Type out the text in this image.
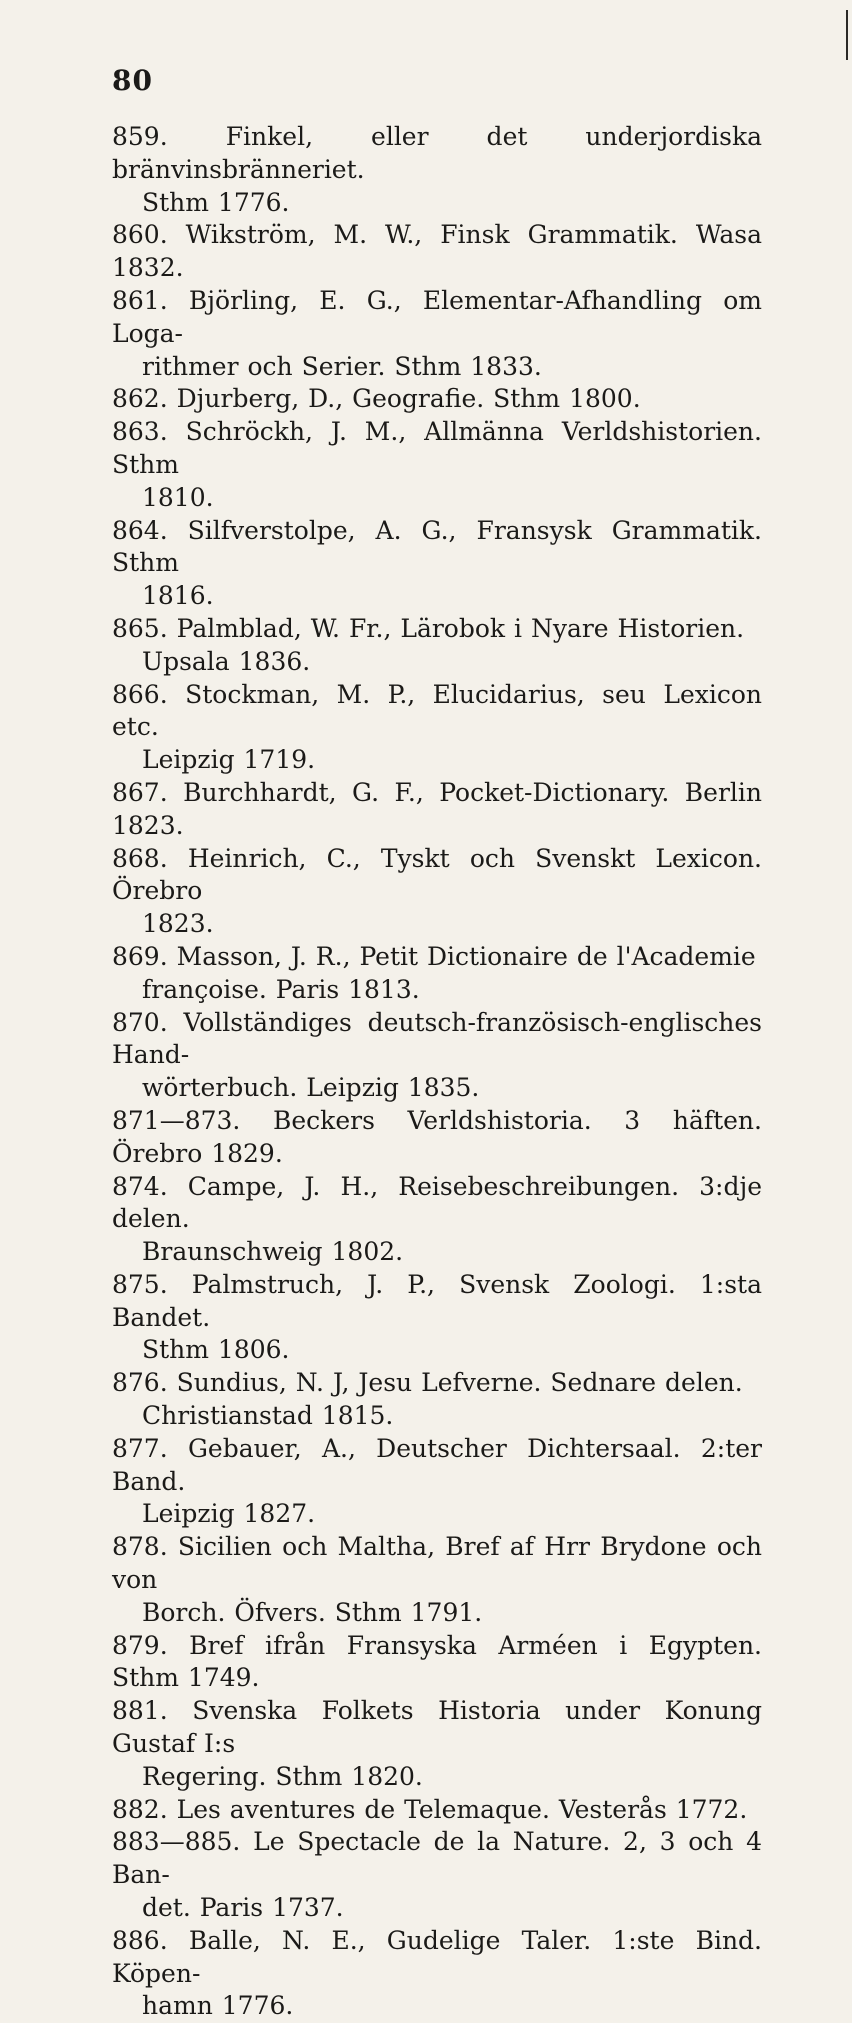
80
859. Finkel, eller det underjordiska bränvinsbränneriet.
Sthm 1776.
860. Wikström, M. W., Finsk Grammatik. Wasa 1832.
861. Björling, E. G., Elementar-Afhandling om Loga-
rithmer och Serier. Sthm 1833.
862. Djurberg, D., Geografie. Sthm 1800.
863. Schröckh, J. M., Allmänna Verldshistorien. Sthm
1810.
864. Silfverstolpe, A. G., Fransysk Grammatik. Sthm
1816.
865. Palmblad, W. Fr., Lärobok i Nyare Historien.
Upsala 1836.
866. Stockman, M. P., Elucidarius, seu Lexicon etc.
Leipzig 1719.
867. Burchhardt, G. F., Pocket-Dictionary. Berlin 1823.
868. Heinrich, C., Tyskt och Svenskt Lexicon. Örebro
1823.
869. Masson, J. R., Petit Dictionaire de l'Academie
françoise. Paris 1813.
870. Vollständiges deutsch-französisch-englisches Hand-
wörterbuch. Leipzig 1835.
871—873. Beckers Verldshistoria. 3 häften. Örebro 1829.
874. Campe, J. H., Reisebeschreibungen. 3:dje delen.
Braunschweig 1802.
875. Palmstruch, J. P., Svensk Zoologi. 1:sta Bandet.
Sthm 1806.
876. Sundius, N. J, Jesu Lefverne. Sednare delen.
Christianstad 1815.
877. Gebauer, A., Deutscher Dichtersaal. 2:ter Band.
Leipzig 1827.
878. Sicilien och Maltha, Bref af Hrr Brydone och von
Borch. Öfvers. Sthm 1791.
879. Bref ifrån Fransyska Arméen i Egypten. Sthm 1749.
881. Svenska Folkets Historia under Konung Gustaf I:s
Regering. Sthm 1820.
882. Les aventures de Telemaque. Vesterås 1772.
883—885. Le Spectacle de la Nature. 2, 3 och 4 Ban-
det. Paris 1737.
886. Balle, N. E., Gudelige Taler. 1:ste Bind. Köpen-
hamn 1776.
